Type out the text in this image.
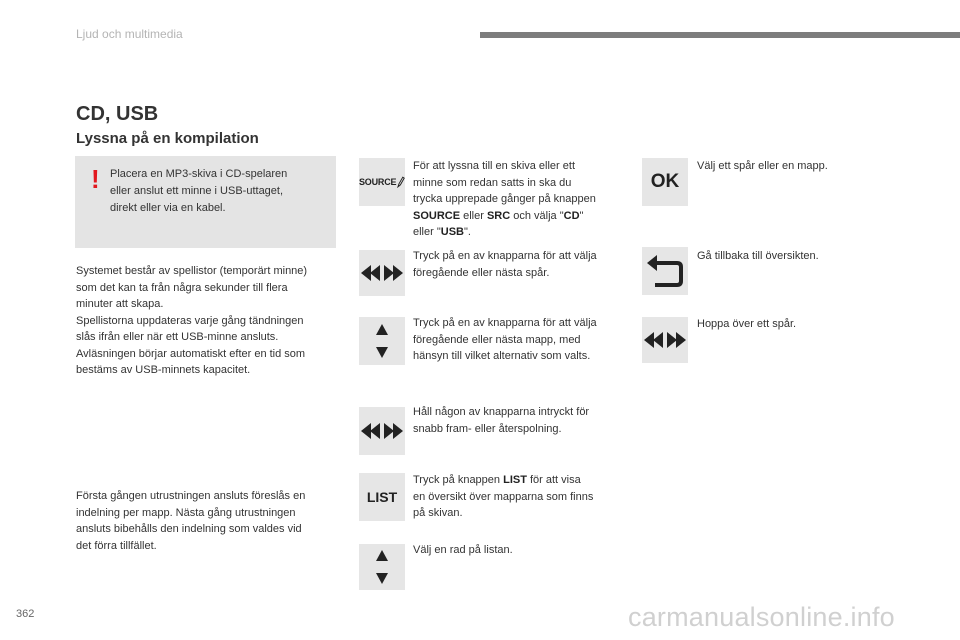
Ljud och multimedia
CD, USB
Lyssna på en kompilation
! Placera en MP3-skiva i CD-spelaren
eller anslut ett minne i USB-uttaget,
direkt eller via en kabel.
Systemet består av spellistor (temporärt minne)
som det kan ta från några sekunder till flera
minuter att skapa.
Spellistorna uppdateras varje gång tändningen
slås ifrån eller när ett USB-minne ansluts.
Avläsningen börjar automatiskt efter en tid som
bestäms av USB-minnets kapacitet.
Första gången utrustningen ansluts föreslås en
indelning per mapp. Nästa gång utrustningen
ansluts bibehålls den indelning som valdes vid
det förra tillfället.
SOURCE
LIST
För att lyssna till en skiva eller ett
minne som redan satts in ska du
trycka upprepade gånger på knappen
SOURCE eller SRC och välja "CD"
eller "USB".
Tryck på en av knapparna för att välja
föregående eller nästa spår.
Tryck på en av knapparna för att välja
föregående eller nästa mapp, med
hänsyn till vilket alternativ som valts.
Håll någon av knapparna intryckt för
snabb fram- eller återspolning.
Tryck på knappen LIST för att visa
en översikt över mapparna som finns
på skivan.
Välj en rad på listan.
OK
Välj ett spår eller en mapp.
Gå tillbaka till översikten.
Hoppa över ett spår.
362	carmanualsonline.info
